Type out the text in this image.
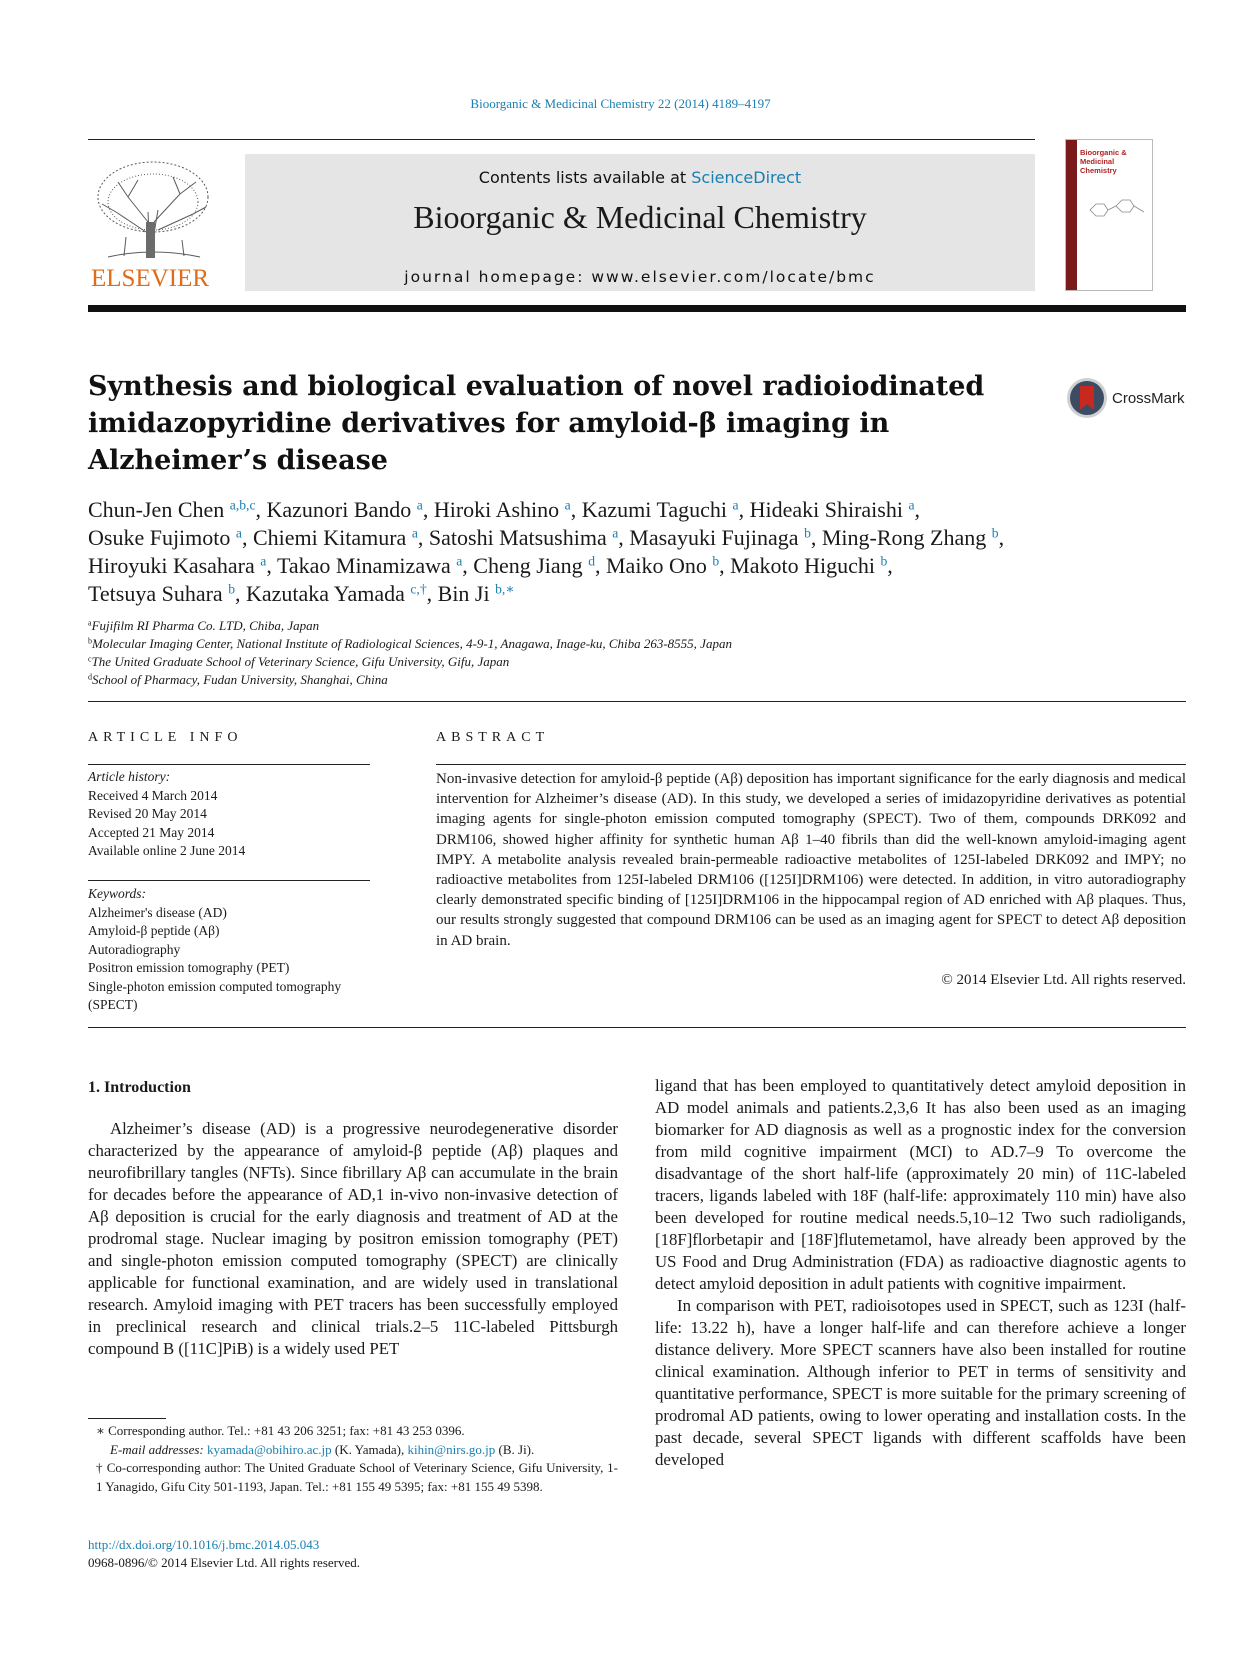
Bioorganic & Medicinal Chemistry 22 (2014) 4189–4197
ELSEVIER
Contents lists available at ScienceDirect
Bioorganic & Medicinal Chemistry
journal homepage: www.elsevier.com/locate/bmc
Bioorganic & Medicinal Chemistry
Synthesis and biological evaluation of novel radioiodinated imidazopyridine derivatives for amyloid-β imaging in Alzheimer’s disease
CrossMark
Chun-Jen Chen $^{a,b,c}$, Kazunori Bando $^a$, Hiroki Ashino $^a$, Kazumi Taguchi $^a$, Hideaki Shiraishi $^a$,
Osuke Fujimoto $^a$, Chiemi Kitamura $^a$, Satoshi Matsushima $^a$, Masayuki Fujinaga $^b$, Ming-Rong Zhang $^b$,
Hiroyuki Kasahara $^a$, Takao Minamizawa $^a$, Cheng Jiang $^d$, Maiko Ono $^b$, Makoto Higuchi $^b$,
Tetsuya Suhara $^b$, Kazutaka Yamada $^{c,\dagger}$, Bin Ji $^{b,∗}$
$^a$Fujifilm RI Pharma Co. LTD, Chiba, Japan
$^b$Molecular Imaging Center, National Institute of Radiological Sciences, 4-9-1, Anagawa, Inage-ku, Chiba 263-8555, Japan
$^c$The United Graduate School of Veterinary Science, Gifu University, Gifu, Japan
$^d$School of Pharmacy, Fudan University, Shanghai, China
ARTICLE INFO
Article history:
Received 4 March 2014
Revised 20 May 2014
Accepted 21 May 2014
Available online 2 June 2014
Keywords:
Alzheimer's disease (AD)
Amyloid-β peptide (Aβ)
Autoradiography
Positron emission tomography (PET)
Single-photon emission computed tomography (SPECT)
ABSTRACT
Non-invasive detection for amyloid-β peptide (Aβ) deposition has important significance for the early diagnosis and medical intervention for Alzheimer’s disease (AD). In this study, we developed a series of imidazopyridine derivatives as potential imaging agents for single-photon emission computed tomography (SPECT). Two of them, compounds DRK092 and DRM106, showed higher affinity for synthetic human Aβ 1–40 fibrils than did the well-known amyloid-imaging agent IMPY. A metabolite analysis revealed brain-permeable radioactive metabolites of 125I-labeled DRK092 and IMPY; no radioactive metabolites from 125I-labeled DRM106 ([125I]DRM106) were detected. In addition, in vitro autoradiography clearly demonstrated specific binding of [125I]DRM106 in the hippocampal region of AD enriched with Aβ plaques. Thus, our results strongly suggested that compound DRM106 can be used as an imaging agent for SPECT to detect Aβ deposition in AD brain.
© 2014 Elsevier Ltd. All rights reserved.
1. Introduction

Alzheimer’s disease (AD) is a progressive neurodegenerative disorder characterized by the appearance of amyloid-β peptide (Aβ) plaques and neurofibrillary tangles (NFTs). Since fibrillary Aβ can accumulate in the brain for decades before the appearance of AD,1 in-vivo non-invasive detection of Aβ deposition is crucial for the early diagnosis and treatment of AD at the prodromal stage. Nuclear imaging by positron emission tomography (PET) and single-photon emission computed tomography (SPECT) are clinically applicable for functional examination, and are widely used in translational research. Amyloid imaging with PET tracers has been successfully employed in preclinical research and clinical trials.2–5 11C-labeled Pittsburgh compound B ([11C]PiB) is a widely used PET

ligand that has been employed to quantitatively detect amyloid deposition in AD model animals and patients.2,3,6 It has also been used as an imaging biomarker for AD diagnosis as well as a prognostic index for the conversion from mild cognitive impairment (MCI) to AD.7–9 To overcome the disadvantage of the short half-life (approximately 20 min) of 11C-labeled tracers, ligands labeled with 18F (half-life: approximately 110 min) have also been developed for routine medical needs.5,10–12 Two such radioligands, [18F]florbetapir and [18F]flutemetamol, have already been approved by the US Food and Drug Administration (FDA) as radioactive diagnostic agents to detect amyloid deposition in adult patients with cognitive impairment.

In comparison with PET, radioisotopes used in SPECT, such as 123I (half-life: 13.22 h), have a longer half-life and can therefore achieve a longer distance delivery. More SPECT scanners have also been installed for routine clinical examination. Although inferior to PET in terms of sensitivity and quantitative performance, SPECT is more suitable for the primary screening of prodromal AD patients, owing to lower operating and installation costs. In the past decade, several SPECT ligands with different scaffolds have been developed

∗ Corresponding author. Tel.: +81 43 206 3251; fax: +81 43 253 0396.
E-mail addresses: kyamada@obihiro.ac.jp (K. Yamada), kihin@nirs.go.jp (B. Ji).
† Co-corresponding author: The United Graduate School of Veterinary Science, Gifu University, 1-1 Yanagido, Gifu City 501-1193, Japan. Tel.: +81 155 49 5395; fax: +81 155 49 5398.
http://dx.doi.org/10.1016/j.bmc.2014.05.043
0968-0896/© 2014 Elsevier Ltd. All rights reserved.
